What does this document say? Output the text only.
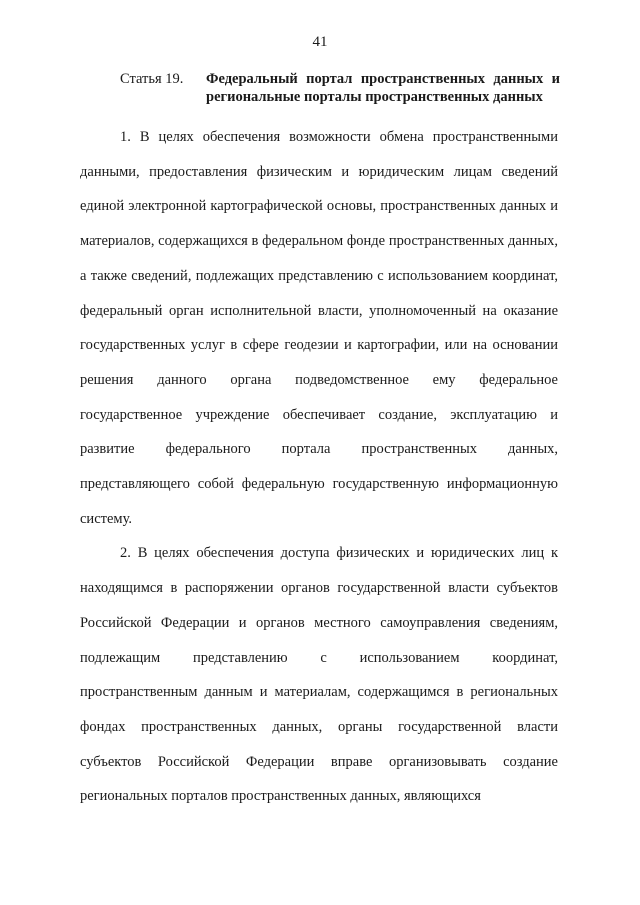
41
Статья 19. Федеральный портал пространственных данных и региональные порталы пространственных данных

1. В целях обеспечения возможности обмена пространственными данными, предоставления физическим и юридическим лицам сведений единой электронной картографической основы, пространственных данных и материалов, содержащихся в федеральном фонде пространственных данных, а также сведений, подлежащих представлению с использованием координат, федеральный орган исполнительной власти, уполномоченный на оказание государственных услуг в сфере геодезии и картографии, или на основании решения данного органа подведомственное ему федеральное государственное учреждение обеспечивает создание, эксплуатацию и развитие федерального портала пространственных данных, представляющего собой федеральную государственную информационную систему.

2. В целях обеспечения доступа физических и юридических лиц к находящимся в распоряжении органов государственной власти субъектов Российской Федерации и органов местного самоуправления сведениям, подлежащим представлению с использованием координат, пространственным данным и материалам, содержащимся в региональных фондах пространственных данных, органы государственной власти субъектов Российской Федерации вправе организовывать создание региональных порталов пространственных данных, являющихся
